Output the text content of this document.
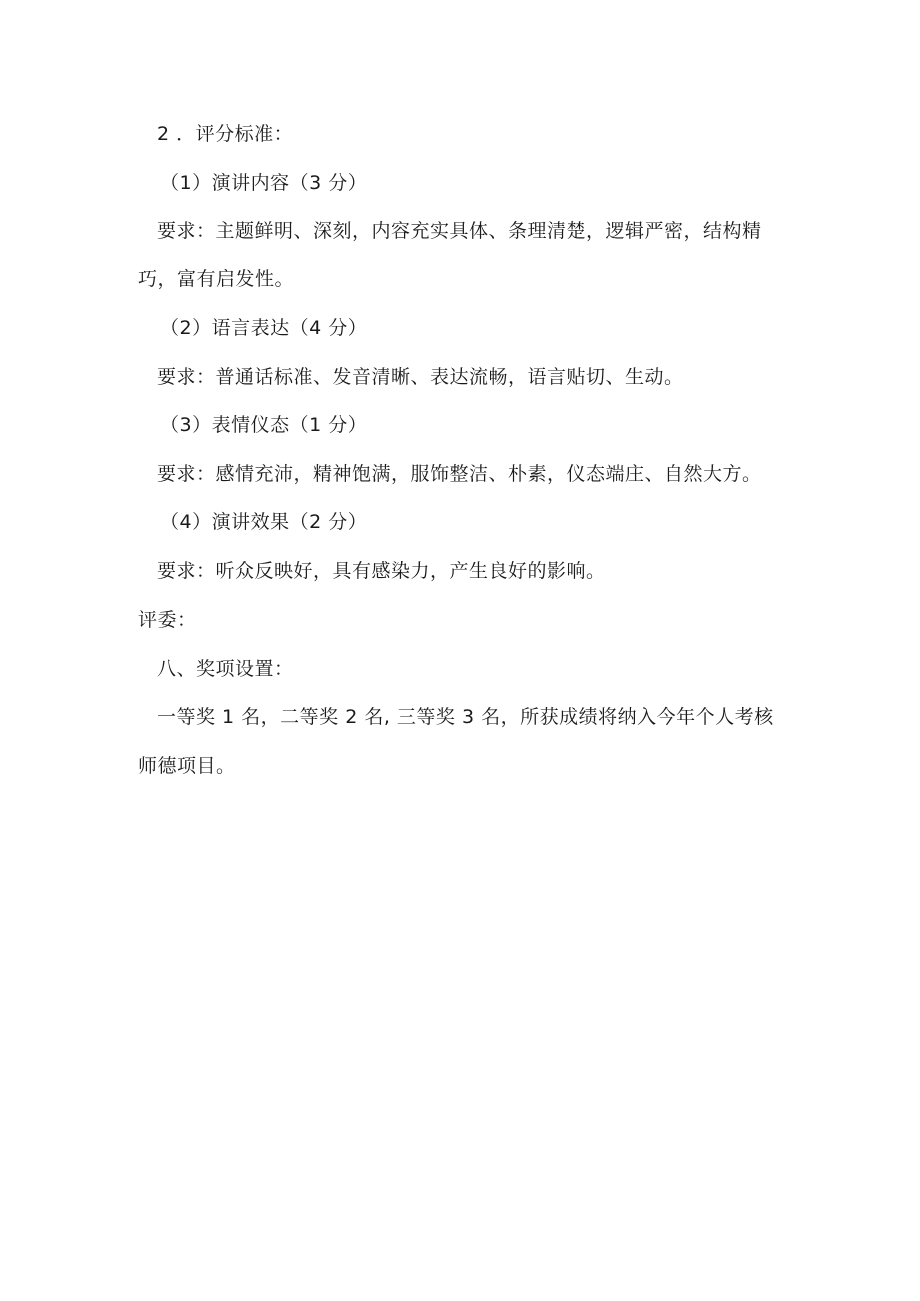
2 ．评分标准：
（1）演讲内容（3 分）
要求：主题鲜明、深刻，内容充实具体、条理清楚，逻辑严密，结构精
巧，富有启发性。
（2）语言表达（4 分）
要求：普通话标准、发音清晰、表达流畅，语言贴切、生动。
（3）表情仪态（1 分）
要求：感情充沛，精神饱满，服饰整洁、朴素，仪态端庄、自然大方。
（4）演讲效果（2 分）
要求：听众反映好，具有感染力，产生良好的影响。
评委：
八、奖项设置：
一等奖 1 名，二等奖 2 名, 三等奖 3 名，所获成绩将纳入今年个人考核
师德项目。
